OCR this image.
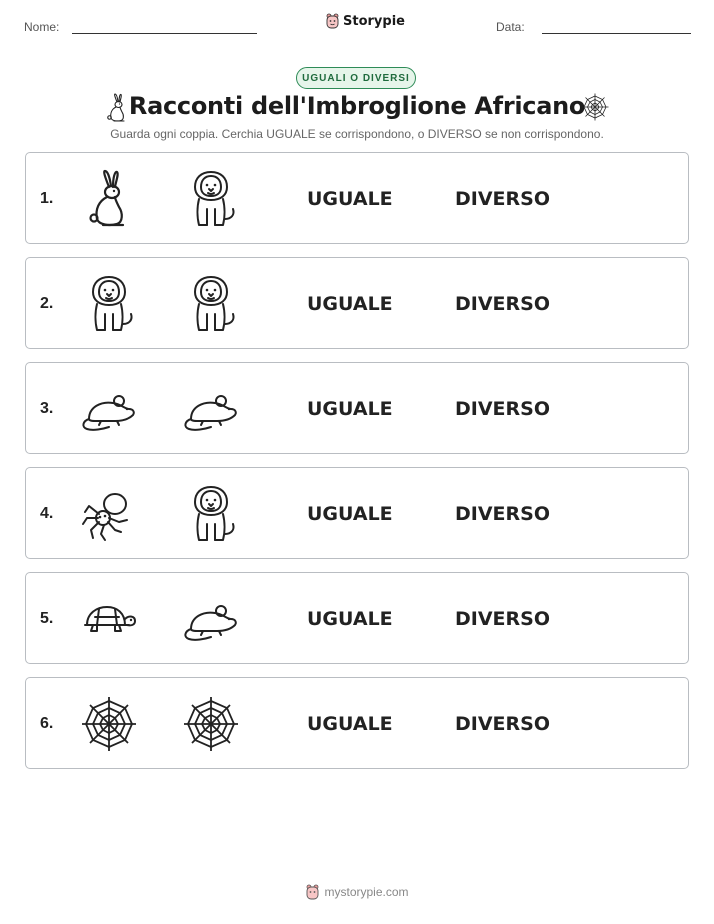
Nome:	Storypie	Data:
UGUALI O DIVERSI
Racconti dell'Imbroglione Africano
Guarda ogni coppia. Cerchia UGUALE se corrispondono, o DIVERSO se non corrispondono.
1.	UGUALE	DIVERSO
2.	UGUALE	DIVERSO
3.	UGUALE	DIVERSO
4.	UGUALE	DIVERSO
5.	UGUALE	DIVERSO
6.	UGUALE	DIVERSO
mystorypie.com
